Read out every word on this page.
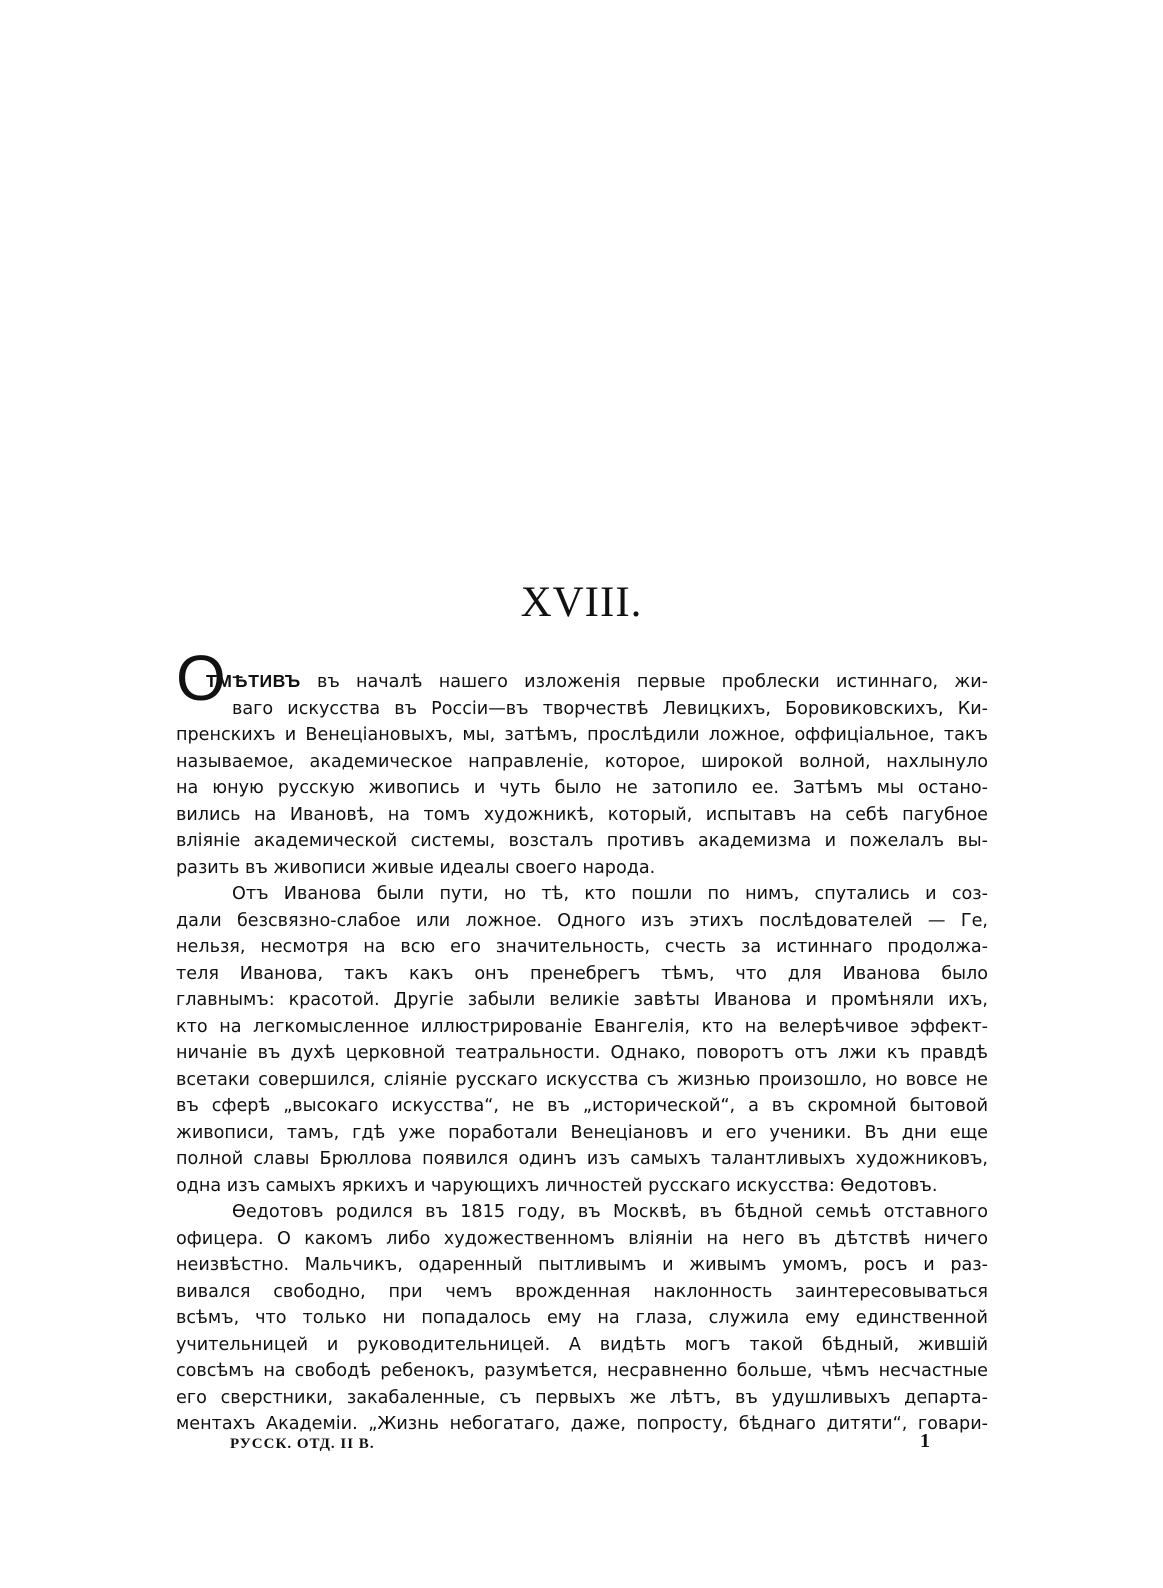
XVIII.
О
ТМѢТИВЪ въ началѣ нашего изложенія первые проблески истиннаго, жи-
ваго искусства въ Россіи—въ творчествѣ Левицкихъ, Боровиковскихъ, Ки-
пренскихъ и Венеціановыхъ, мы, затѣмъ, прослѣдили ложное, оффиціальное, такъ
называемое, академическое направленіе, которое, широкой волной, нахлынуло
на юную русскую живопись и чуть было не затопило ее. Затѣмъ мы остано-
вились на Ивановѣ, на томъ художникѣ, который, испытавъ на себѣ пагубное
вліяніе академической системы, возсталъ противъ академизма и пожелалъ вы-
разить въ живописи живые идеалы своего народа.
Отъ Иванова были пути, но тѣ, кто пошли по нимъ, спутались и соз-
дали безсвязно-слабое или ложное. Одного изъ этихъ послѣдователей — Ге,
нельзя, несмотря на всю его значительность, счесть за истиннаго продолжа-
теля Иванова, такъ какъ онъ пренебрегъ тѣмъ, что для Иванова было
главнымъ: красотой. Другіе забыли великіе завѣты Иванова и промѣняли ихъ,
кто на легкомысленное иллюстрированіе Евангелія, кто на велерѣчивое эффект-
ничаніе въ духѣ церковной театральности. Однако, поворотъ отъ лжи къ правдѣ
всетаки совершился, сліяніе русскаго искусства съ жизнью произошло, но вовсе не
въ сферѣ „высокаго искусства“, не въ „исторической“, а въ скромной бытовой
живописи, тамъ, гдѣ уже поработали Венеціановъ и его ученики. Въ дни еще
полной славы Брюллова появился одинъ изъ самыхъ талантливыхъ художниковъ,
одна изъ самыхъ яркихъ и чарующихъ личностей русскаго искусства: Ѳедотовъ.
Ѳедотовъ родился въ 1815 году, въ Москвѣ, въ бѣдной семьѣ отставного
офицера. О какомъ либо художественномъ вліяніи на него въ дѣтствѣ ничего
неизвѣстно. Мальчикъ, одаренный пытливымъ и живымъ умомъ, росъ и раз-
вивался свободно, при чемъ врожденная наклонность заинтересовываться
всѣмъ, что только ни попадалось ему на глаза, служила ему единственной
учительницей и руководительницей. А видѣть могъ такой бѣдный, жившій
совсѣмъ на свободѣ ребенокъ, разумѣется, несравненно больше, чѣмъ несчастные
его сверстники, закабаленные, съ первыхъ же лѣтъ, въ удушливыхъ департа-
ментахъ Академіи. „Жизнь небогатаго, даже, попросту, бѣднаго дитяти“, говари-
РУССК. ОТД. II В.	1
